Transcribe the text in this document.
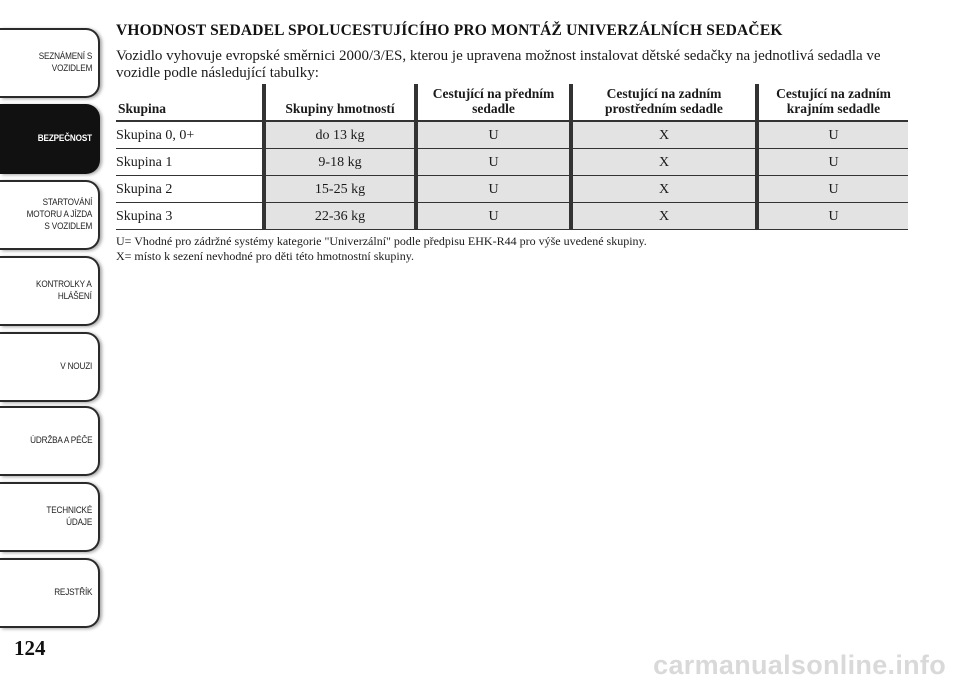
SEZNÁMENÍ S
VOZIDLEM
BEZPEČNOST
STARTOVÁNÍ
MOTORU A JÍZDA
S VOZIDLEM
KONTROLKY A
HLÁŠENÍ
V NOUZI
ÚDRŽBA A PÉČE
TECHNICKÉ
ÚDAJE
REJSTŘÍK
124
VHODNOST SEDADEL SPOLUCESTUJÍCÍHO PRO MONTÁŽ UNIVERZÁLNÍCH SEDAČEK

Vozidlo vyhovuje evropské směrnici 2000/3/ES, kterou je upravena možnost instalovat dětské sedačky na jednotlivá sedadla ve vozidle podle následující tabulky:

Skupina	Skupiny hmotností	Cestující na předním sedadle	Cestující na zadním prostředním sedadle	Cestující na zadním krajním sedadle
Skupina 0, 0+	do 13 kg	U	X	U
Skupina 1	9-18 kg	U	X	U
Skupina 2	15-25 kg	U	X	U
Skupina 3	22-36 kg	U	X	U

U= Vhodné pro zádržné systémy kategorie "Univerzální" podle předpisu EHK-R44 pro výše uvedené skupiny.

X= místo k sezení nevhodné pro děti této hmotnostní skupiny.

carmanualsonline.info
